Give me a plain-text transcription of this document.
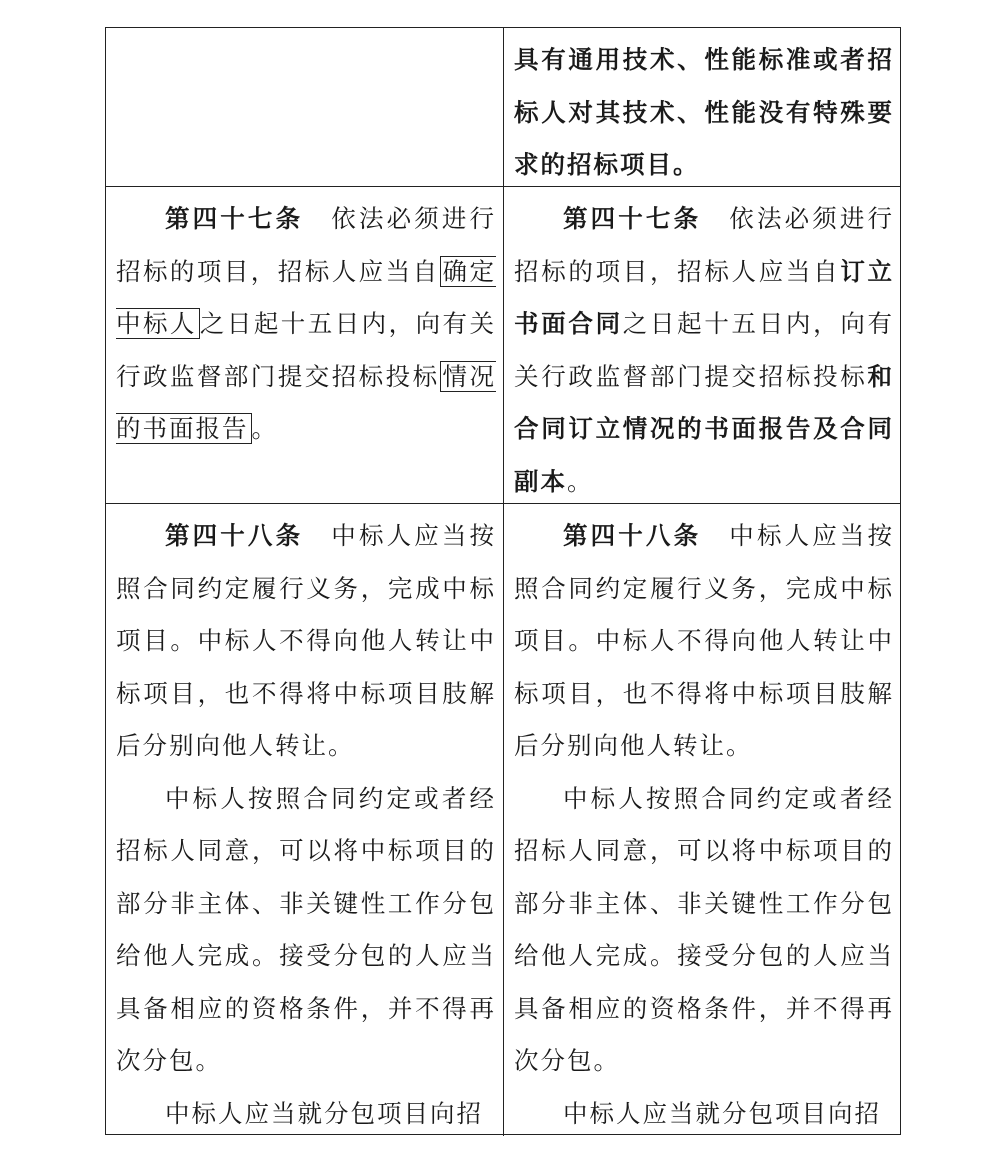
具有通用技术、性能标准或者招标人对其技术、性能没有特殊要求的招标项目。

第四十七条 依法必须进行招标的项目，招标人应当自 确定中标人 之日起十五日内，向有关行政监督部门提交招标投标 情况的书面报告 。

第四十七条 依法必须进行招标的项目，招标人应当自订立书面合同之日起十五日内，向有关行政监督部门提交招标投标和合同订立情况的书面报告及合同副本。

第四十八条 中标人应当按照合同约定履行义务，完成中标项目。中标人不得向他人转让中标项目，也不得将中标项目肢解后分别向他人转让。

中标人按照合同约定或者经招标人同意，可以将中标项目的部分非主体、非关键性工作分包给他人完成。接受分包的人应当具备相应的资格条件，并不得再次分包。

中标人应当就分包项目向招

第四十八条 中标人应当按照合同约定履行义务，完成中标项目。中标人不得向他人转让中标项目，也不得将中标项目肢解后分别向他人转让。

中标人按照合同约定或者经招标人同意，可以将中标项目的部分非主体、非关键性工作分包给他人完成。接受分包的人应当具备相应的资格条件，并不得再次分包。

中标人应当就分包项目向招
